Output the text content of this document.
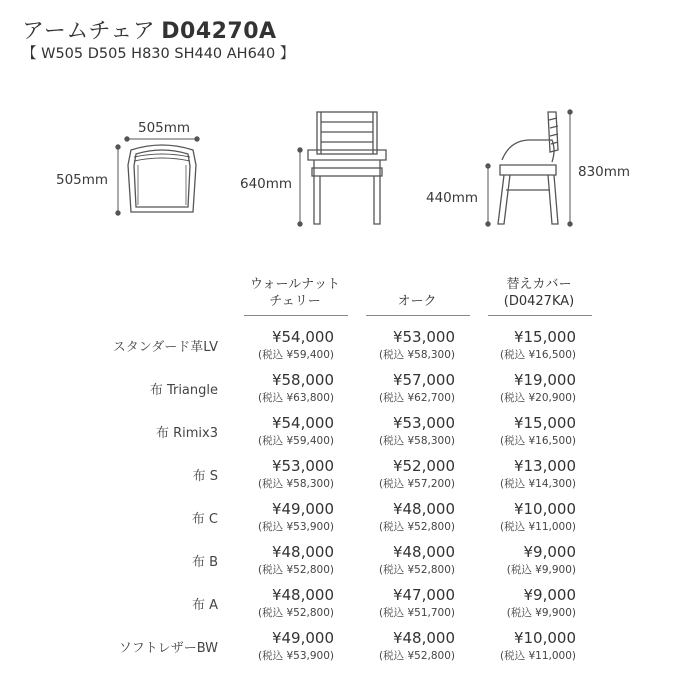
アームチェア D04270A
【 W505 D505 H830 SH440 AH640 】
505mm
505mm	640mm
440mm
830mm
ウォールナット
チェリー	オーク
替えカバー
(D0427KA)
スタンダード革LV
¥54,000
(税込 ¥59,400)
¥53,000
(税込 ¥58,300)
¥15,000
(税込 ¥16,500)
布 Triangle
¥58,000
(税込 ¥63,800)
¥57,000
(税込 ¥62,700)
¥19,000
(税込 ¥20,900)
布 Rimix3
¥54,000
(税込 ¥59,400)
¥53,000
(税込 ¥58,300)
¥15,000
(税込 ¥16,500)
布 S
¥53,000
(税込 ¥58,300)
¥52,000
(税込 ¥57,200)
¥13,000
(税込 ¥14,300)
布 C
¥49,000
(税込 ¥53,900)
¥48,000
(税込 ¥52,800)
¥10,000
(税込 ¥11,000)
布 B
¥48,000
(税込 ¥52,800)
¥48,000
(税込 ¥52,800)
¥9,000
(税込 ¥9,900)
布 A
¥48,000
(税込 ¥52,800)
¥47,000
(税込 ¥51,700)
¥9,000
(税込 ¥9,900)
ソフトレザーBW
¥49,000
(税込 ¥53,900)
¥48,000
(税込 ¥52,800)
¥10,000
(税込 ¥11,000)
